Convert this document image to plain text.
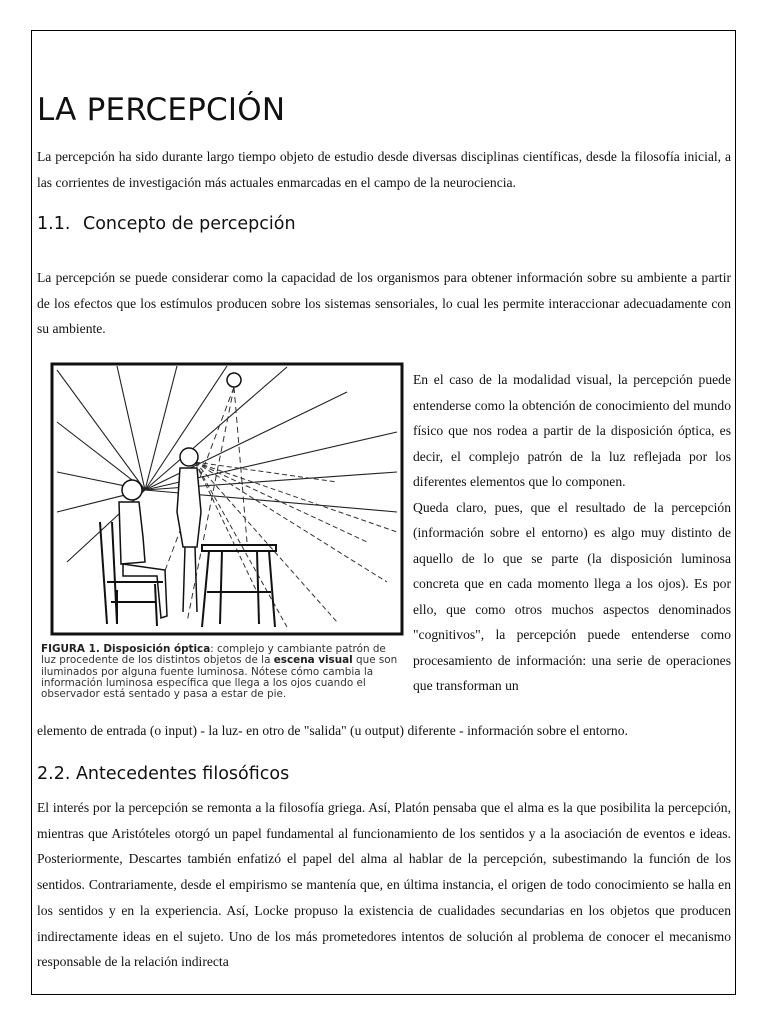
LA PERCEPCIÓN
La percepción ha sido durante largo tiempo objeto de estudio desde diversas disciplinas científicas, desde la filosofía inicial, a las corrientes de investigación más actuales enmarcadas en el campo de la neurociencia.
1.1. Concepto de percepción
La percepción se puede considerar como la capacidad de los organismos para obtener información sobre su ambiente a partir de los efectos que los estímulos producen sobre los sistemas sensoriales, lo cual les permite interaccionar adecuadamente con su ambiente.
FIGURA 1. Disposición óptica: complejo y cambiante patrón de luz procedente de los distintos objetos de la escena visual que son iluminados por alguna fuente luminosa. Nótese cómo cambia la información luminosa específica que llega a los ojos cuando el observador está sentado y pasa a estar de pie.
En el caso de la modalidad visual, la percepción puede entenderse como la obtención de conocimiento del mundo físico que nos rodea a partir de la disposición óptica, es decir, el complejo patrón de la luz reflejada por los diferentes elementos que lo componen.
Queda claro, pues, que el resultado de la percepción (información sobre el entorno) es algo muy distinto de aquello de lo que se parte (la disposición luminosa concreta que en cada momento llega a los ojos). Es por ello, que como otros muchos aspectos denominados "cognitivos", la percepción puede entenderse como procesamiento de información: una serie de operaciones que transforman un
elemento de entrada (o input) - la luz- en otro de "salida" (u output) diferente - información sobre el entorno.
2.2. Antecedentes filosóficos
El interés por la percepción se remonta a la filosofía griega. Así, Platón pensaba que el alma es la que posibilita la percepción, mientras que Aristóteles otorgó un papel fundamental al funcionamiento de los sentidos y a la asociación de eventos e ideas. Posteriormente, Descartes también enfatizó el papel del alma al hablar de la percepción, subestimando la función de los sentidos. Contrariamente, desde el empirismo se mantenía que, en última instancia, el origen de todo conocimiento se halla en los sentidos y en la experiencia. Así, Locke propuso la existencia de cualidades secundarias en los objetos que producen indirectamente ideas en el sujeto. Uno de los más prometedores intentos de solución al problema de conocer el mecanismo responsable de la relación indirecta
